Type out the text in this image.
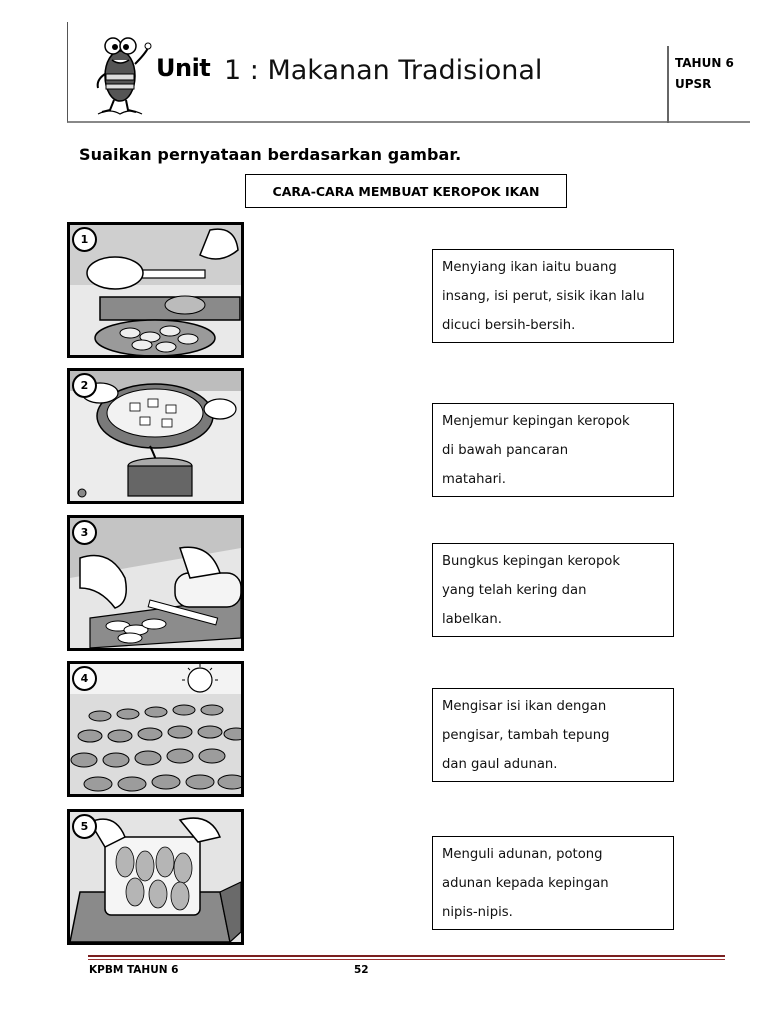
Unit 1 : Makanan Tradisional	TAHUN 6
UPSR
Suaikan pernyataan berdasarkan gambar.
CARA-CARA MEMBUAT KEROPOK IKAN
1
2
3
4
5
Menyiang ikan iaitu buang
insang, isi perut, sisik ikan lalu
dicuci bersih-bersih.
Menjemur kepingan keropok
di bawah pancaran
matahari.
Bungkus kepingan keropok
yang telah kering dan
labelkan.
Mengisar isi ikan dengan
pengisar, tambah tepung
dan gaul adunan.
Menguli adunan, potong
adunan kepada kepingan
nipis-nipis.
KPBM TAHUN 6	52
